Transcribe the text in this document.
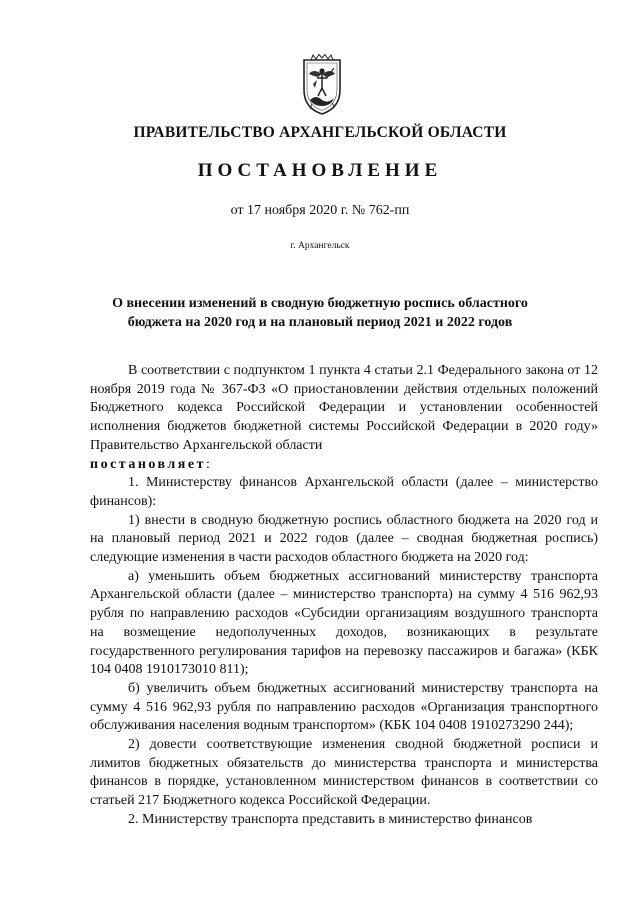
ПРАВИТЕЛЬСТВО АРХАНГЕЛЬСКОЙ ОБЛАСТИ
ПОСТАНОВЛЕНИЕ
от 17 ноября 2020 г. № 762-пп
г. Архангельск
О внесении изменений в сводную бюджетную роспись областного бюджета на 2020 год и на плановый период 2021 и 2022 годов

В соответствии с подпунктом 1 пункта 4 статьи 2.1 Федерального закона от 12 ноября 2019 года № 367-ФЗ «О приостановлении действия отдельных положений Бюджетного кодекса Российской Федерации и установлении особенностей исполнения бюджетов бюджетной системы Российской Федерации в 2020 году» Правительство Архангельской области
постановляет:

1. Министерству финансов Архангельской области (далее – министерство финансов):

1) внести в сводную бюджетную роспись областного бюджета на 2020 год и на плановый период 2021 и 2022 годов (далее – сводная бюджетная роспись) следующие изменения в части расходов областного бюджета на 2020 год:

а) уменьшить объем бюджетных ассигнований министерству транспорта Архангельской области (далее – министерство транспорта) на сумму 4 516 962,93 рубля по направлению расходов «Субсидии организациям воздушного транспорта на возмещение недополученных доходов, возникающих в результате государственного регулирования тарифов на перевозку пассажиров и багажа» (КБК 104 0408 1910173010 811);

б) увеличить объем бюджетных ассигнований министерству транспорта на сумму 4 516 962,93 рубля по направлению расходов «Организация транспортного обслуживания населения водным транспортом» (КБК 104 0408 1910273290 244);

2) довести соответствующие изменения сводной бюджетной росписи и лимитов бюджетных обязательств до министерства транспорта и министерства финансов в порядке, установленном министерством финансов в соответствии со статьей 217 Бюджетного кодекса Российской Федерации.

2. Министерству транспорта представить в министерство финансов
